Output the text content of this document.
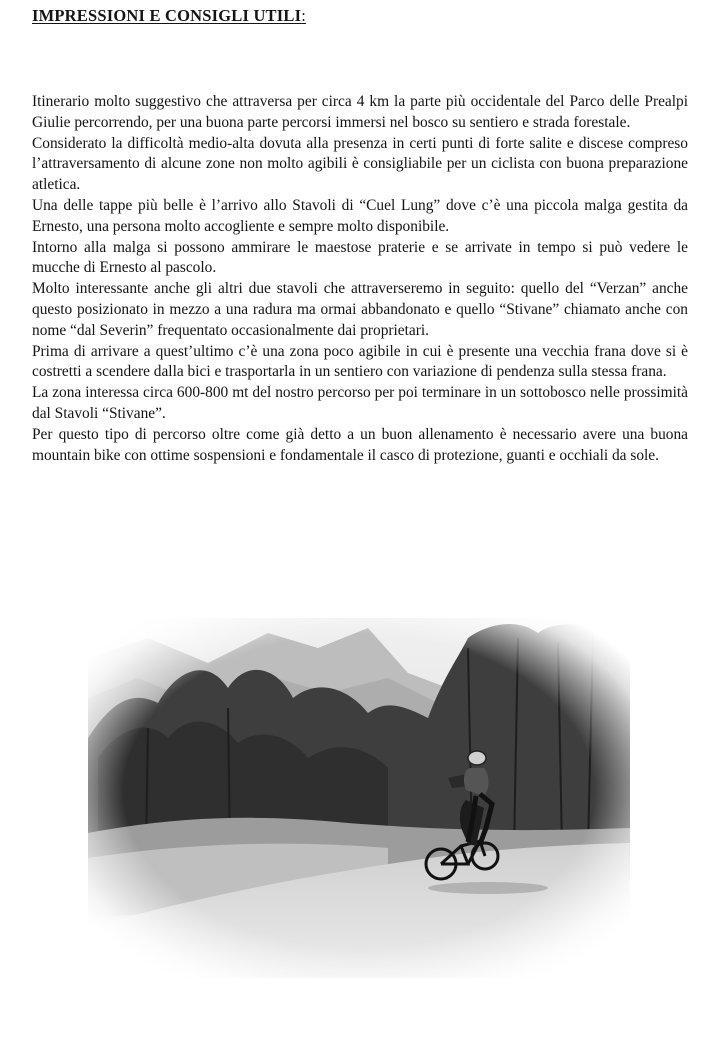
IMPRESSIONI E CONSIGLI UTILI:

Itinerario molto suggestivo che attraversa per circa 4 km la parte più occidentale del Parco delle Prealpi Giulie percorrendo, per una buona parte percorsi immersi nel bosco su sentiero e strada forestale.

Considerato la difficoltà medio-alta dovuta alla presenza in certi punti di forte salite e discese compreso l’attraversamento di alcune zone non molto agibili è consigliabile per un ciclista con buona preparazione atletica.

Una delle tappe più belle è l’arrivo allo Stavoli di “Cuel Lung” dove c’è una piccola malga gestita da Ernesto, una persona molto accogliente e sempre molto disponibile.

Intorno alla malga si possono ammirare le maestose praterie e se arrivate in tempo si può vedere le mucche di Ernesto al pascolo.

Molto interessante anche gli altri due stavoli che attraverseremo in seguito: quello del “Verzan” anche questo posizionato in mezzo a una radura ma ormai abbandonato e quello “Stivane” chiamato anche con nome “dal Severin” frequentato occasionalmente dai proprietari.

Prima di arrivare a quest’ultimo c’è una zona poco agibile in cui è presente una vecchia frana dove si è costretti a scendere dalla bici e trasportarla in un sentiero con variazione di pendenza sulla stessa frana.

La zona interessa circa 600-800 mt del nostro percorso per poi terminare in un sottobosco nelle prossimità dal Stavoli “Stivane”.

Per questo tipo di percorso oltre come già detto a un buon allenamento è necessario avere una buona mountain bike con ottime sospensioni e fondamentale il casco di protezione, guanti e occhiali da sole.
